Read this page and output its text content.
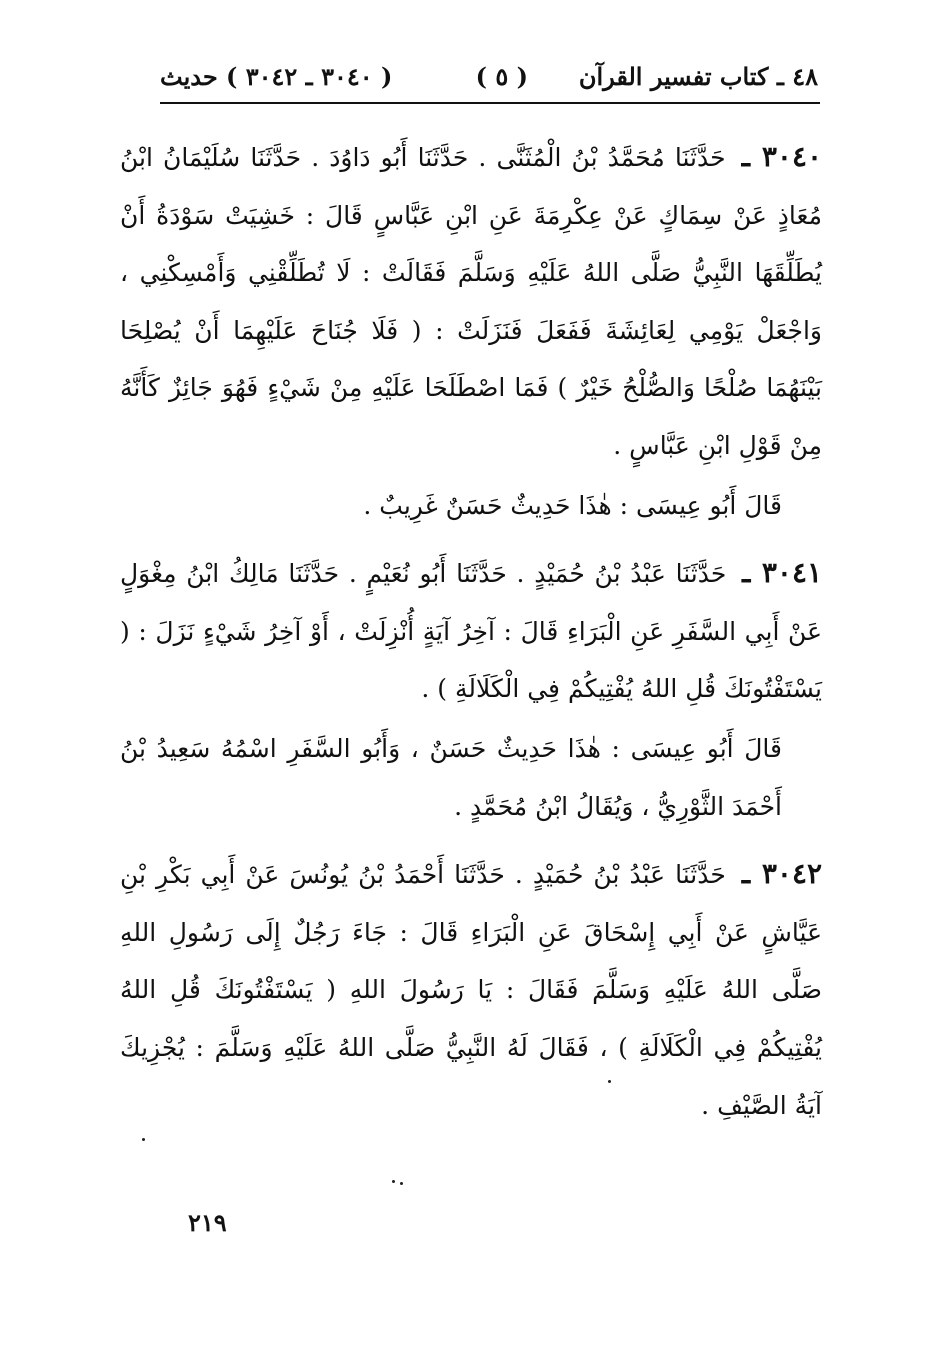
٤٨ ـ كتاب تفسير القرآن
( ٥ )
( ٣٠٤٠ ـ ٣٠٤٢ ) حديث

٣٠٤٠ ـ حَدَّثَنَا مُحَمَّدُ بْنُ الْمُثَنَّى . حَدَّثَنَا أَبُو دَاوُدَ . حَدَّثَنَا سُلَيْمَانُ ابْنُ مُعَاذٍ عَنْ سِمَاكٍ عَنْ عِكْرِمَةَ عَنِ ابْنِ عَبَّاسٍ قَالَ : خَشِيَتْ سَوْدَةُ أَنْ يُطَلِّقَهَا النَّبِيُّ صَلَّى اللهُ عَلَيْهِ وَسَلَّمَ فَقَالَتْ : لَا تُطَلِّقْنِي وَأَمْسِكْنِي ، وَاجْعَلْ يَوْمِي لِعَائِشَةَ فَفَعَلَ فَنَزَلَتْ : ( فَلَا جُنَاحَ عَلَيْهِمَا أَنْ يُصْلِحَا بَيْنَهُمَا صُلْحًا وَالصُّلْحُ خَيْرٌ ) فَمَا اصْطَلَحَا عَلَيْهِ مِنْ شَيْءٍ فَهُوَ جَائِزٌ كَأَنَّهُ مِنْ قَوْلِ ابْنِ عَبَّاسٍ .

قَالَ أَبُو عِيسَى : هٰذَا حَدِيثٌ حَسَنٌ غَرِيبٌ .

٣٠٤١ ـ حَدَّثَنَا عَبْدُ بْنُ حُمَيْدٍ . حَدَّثَنَا أَبُو نُعَيْمٍ . حَدَّثَنَا مَالِكُ ابْنُ مِغْوَلٍ عَنْ أَبِي السَّفَرِ عَنِ الْبَرَاءِ قَالَ : آخِرُ آيَةٍ أُنْزِلَتْ ، أَوْ آخِرُ شَيْءٍ نَزَلَ : ( يَسْتَفْتُونَكَ قُلِ اللهُ يُفْتِيكُمْ فِي الْكَلَالَةِ ) .

قَالَ أَبُو عِيسَى : هٰذَا حَدِيثٌ حَسَنٌ ، وَأَبُو السَّفَرِ اسْمُهُ سَعِيدُ بْنُ أَحْمَدَ الثَّوْرِيُّ ، وَيُقَالُ ابْنُ مُحَمَّدٍ .

٣٠٤٢ ـ حَدَّثَنَا عَبْدُ بْنُ حُمَيْدٍ . حَدَّثَنَا أَحْمَدُ بْنُ يُونُسَ عَنْ أَبِي بَكْرِ بْنِ عَيَّاشٍ عَنْ أَبِي إِسْحَاقَ عَنِ الْبَرَاءِ قَالَ : جَاءَ رَجُلٌ إِلَى رَسُولِ اللهِ صَلَّى اللهُ عَلَيْهِ وَسَلَّمَ فَقَالَ : يَا رَسُولَ اللهِ ( يَسْتَفْتُونَكَ قُلِ اللهُ يُفْتِيكُمْ فِي الْكَلَالَةِ ) ، فَقَالَ لَهُ النَّبِيُّ صَلَّى اللهُ عَلَيْهِ وَسَلَّمَ : يُجْزِيكَ آيَةُ الصَّيْفِ .

٢١٩
